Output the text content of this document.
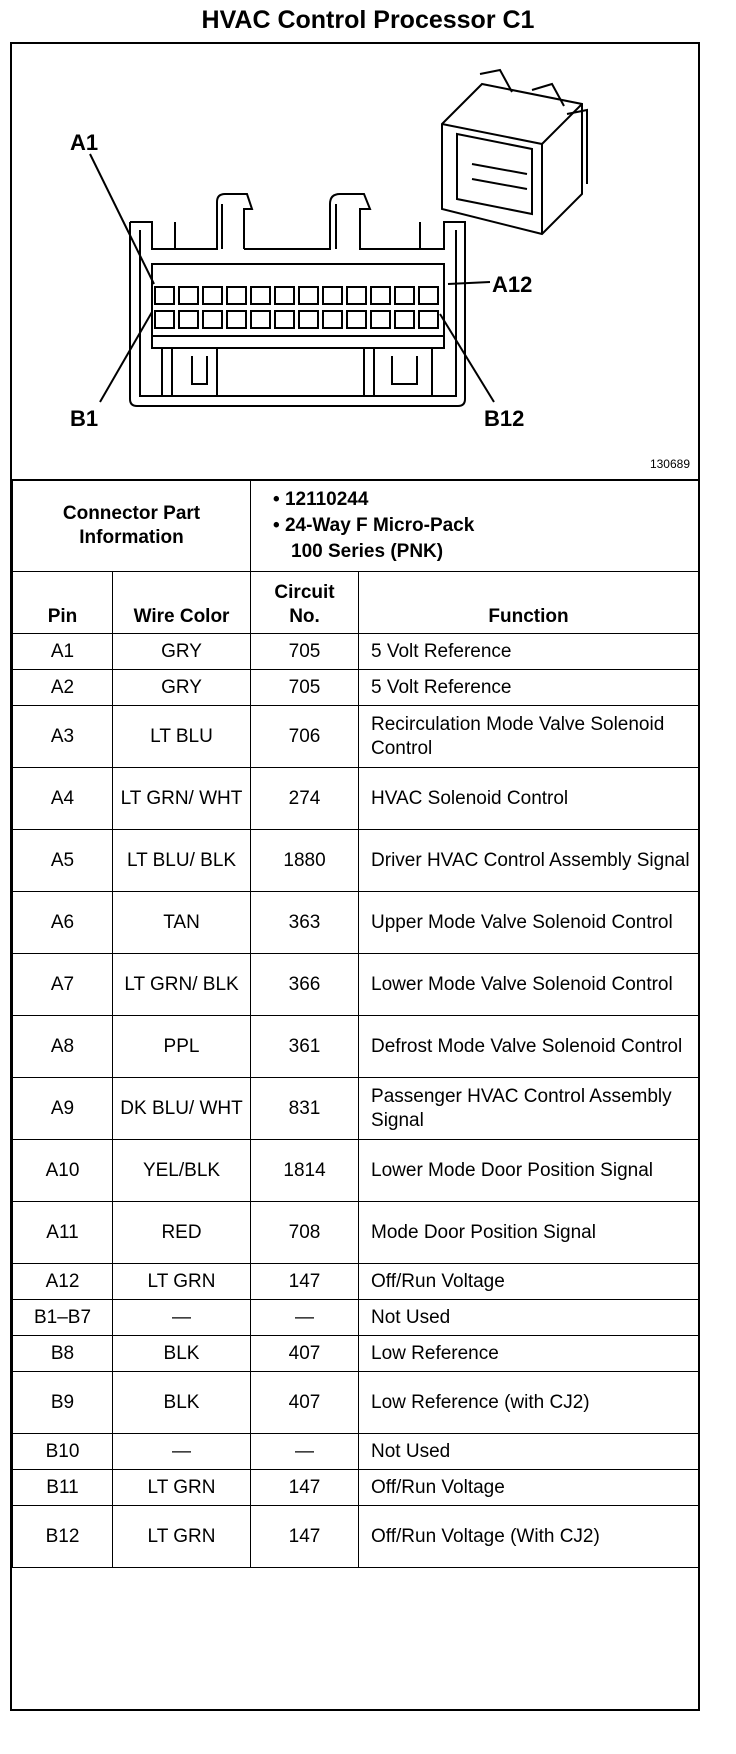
HVAC Control Processor C1
A1
A12
B1	B12
130689
Connector Part Information		• 12110244
• 24-Way F Micro-Pack
100 Series (PNK)	

Pin	Wire Color	Circuit No.	Function
A1	GRY	705	5 Volt Reference
A2	GRY	705	5 Volt Reference
A3	LT BLU	706	Recirculation Mode Valve Solenoid Control
A4	LT GRN/ WHT	274	HVAC Solenoid Control
A5	LT BLU/ BLK	1880	Driver HVAC Control Assembly Signal
A6	TAN	363	Upper Mode Valve Solenoid Control
A7	LT GRN/ BLK	366	Lower Mode Valve Solenoid Control
A8	PPL	361	Defrost Mode Valve Solenoid Control
A9	DK BLU/ WHT	831	Passenger HVAC Control Assembly Signal
A10	YEL/BLK	1814	Lower Mode Door Position Signal
A11	RED	708	Mode Door Position Signal
A12	LT GRN	147	Off/Run Voltage
B1–B7	—	—	Not Used
B8	BLK	407	Low Reference
B9	BLK	407	Low Reference (with CJ2)
B10	—	—	Not Used
B11	LT GRN	147	Off/Run Voltage
B12	LT GRN	147	Off/Run Voltage (With CJ2)
